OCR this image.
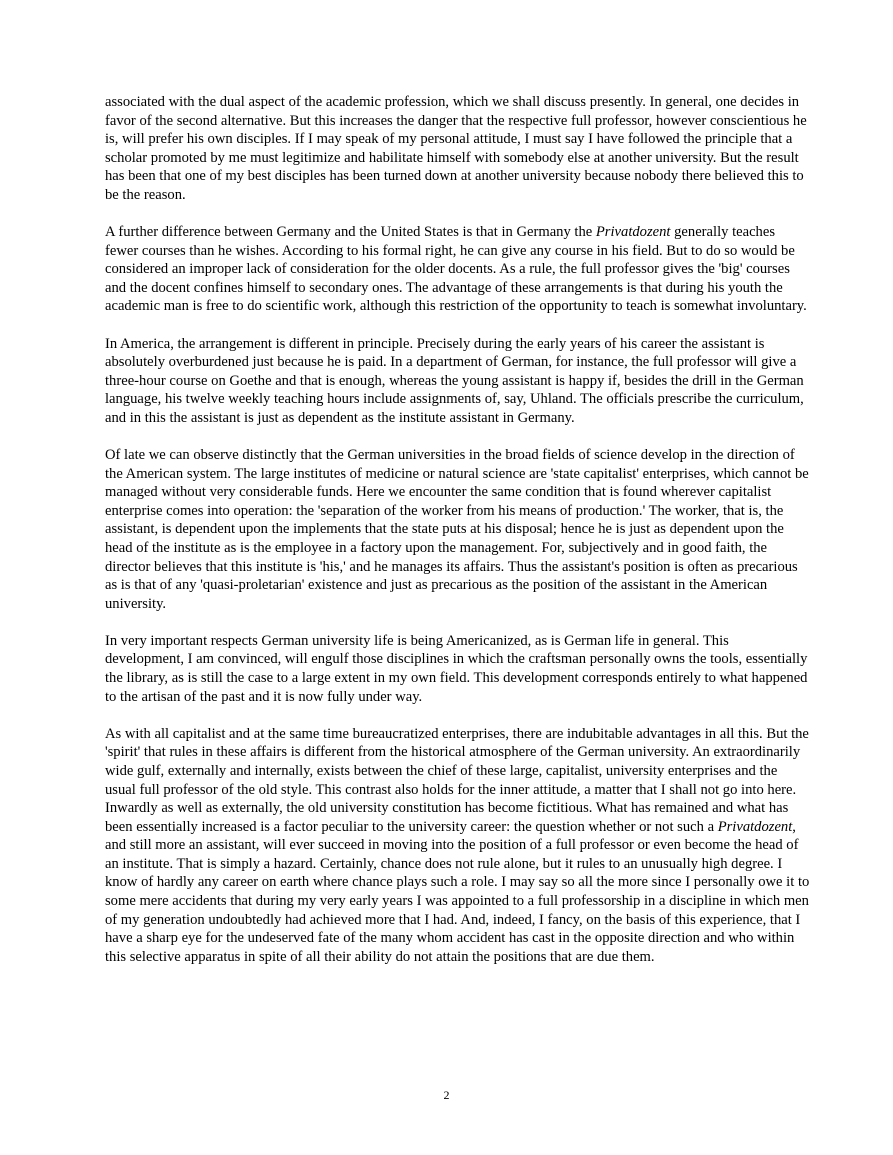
associated with the dual aspect of the academic profession, which we shall discuss presently. In general, one decides in favor of the second alternative. But this increases the danger that the respective full professor, however conscientious he is, will prefer his own disciples. If I may speak of my personal attitude, I must say I have followed the principle that a scholar promoted by me must legitimize and habilitate himself with somebody else at another university. But the result has been that one of my best disciples has been turned down at another university because nobody there believed this to be the reason.

A further difference between Germany and the United States is that in Germany the Privatdozent generally teaches fewer courses than he wishes. According to his formal right, he can give any course in his field. But to do so would be considered an improper lack of consideration for the older docents. As a rule, the full professor gives the 'big' courses and the docent confines himself to secondary ones. The advantage of these arrangements is that during his youth the academic man is free to do scientific work, although this restriction of the opportunity to teach is somewhat involuntary.

In America, the arrangement is different in principle. Precisely during the early years of his career the assistant is absolutely overburdened just because he is paid. In a department of German, for instance, the full professor will give a three-hour course on Goethe and that is enough, whereas the young assistant is happy if, besides the drill in the German language, his twelve weekly teaching hours include assignments of, say, Uhland. The officials prescribe the curriculum, and in this the assistant is just as dependent as the institute assistant in Germany.

Of late we can observe distinctly that the German universities in the broad fields of science develop in the direction of the American system. The large institutes of medicine or natural science are 'state capitalist' enterprises, which cannot be managed without very considerable funds. Here we encounter the same condition that is found wherever capitalist enterprise comes into operation: the 'separation of the worker from his means of production.' The worker, that is, the assistant, is dependent upon the implements that the state puts at his disposal; hence he is just as dependent upon the head of the institute as is the employee in a factory upon the management. For, subjectively and in good faith, the director believes that this institute is 'his,' and he manages its affairs. Thus the assistant's position is often as precarious as is that of any 'quasi-proletarian' existence and just as precarious as the position of the assistant in the American university.

In very important respects German university life is being Americanized, as is German life in general. This development, I am convinced, will engulf those disciplines in which the craftsman personally owns the tools, essentially the library, as is still the case to a large extent in my own field. This development corresponds entirely to what happened to the artisan of the past and it is now fully under way.

As with all capitalist and at the same time bureaucratized enterprises, there are indubitable advantages in all this. But the 'spirit' that rules in these affairs is different from the historical atmosphere of the German university. An extraordinarily wide gulf, externally and internally, exists between the chief of these large, capitalist, university enterprises and the usual full professor of the old style. This contrast also holds for the inner attitude, a matter that I shall not go into here. Inwardly as well as externally, the old university constitution has become fictitious. What has remained and what has been essentially increased is a factor peculiar to the university career: the question whether or not such a Privatdozent, and still more an assistant, will ever succeed in moving into the position of a full professor or even become the head of an institute. That is simply a hazard. Certainly, chance does not rule alone, but it rules to an unusually high degree. I know of hardly any career on earth where chance plays such a role. I may say so all the more since I personally owe it to some mere accidents that during my very early years I was appointed to a full professorship in a discipline in which men of my generation undoubtedly had achieved more that I had. And, indeed, I fancy, on the basis of this experience, that I have a sharp eye for the undeserved fate of the many whom accident has cast in the opposite direction and who within this selective apparatus in spite of all their ability do not attain the positions that are due them.

2
